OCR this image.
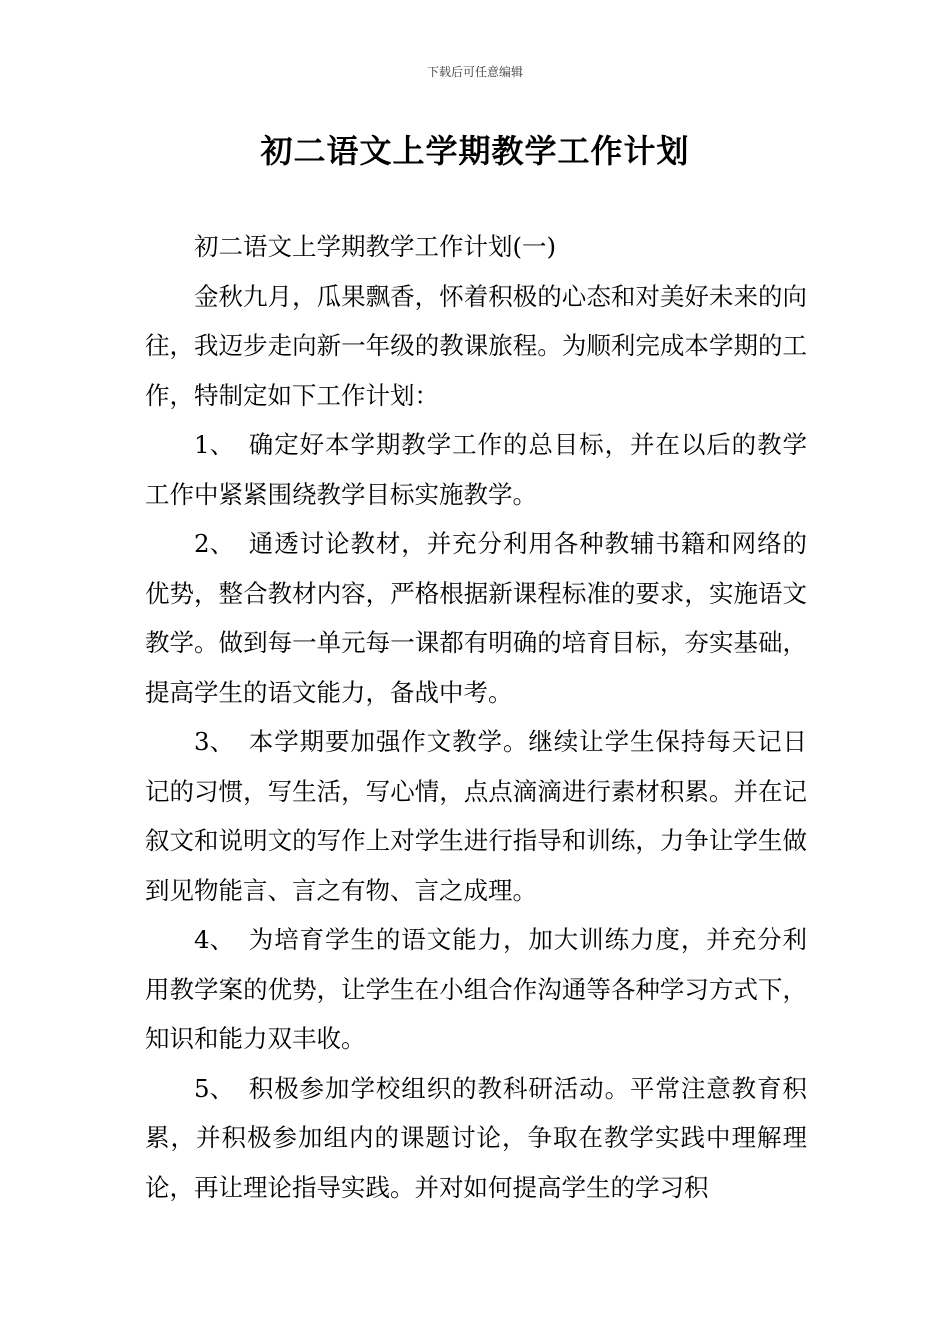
下载后可任意编辑
初二语文上学期教学工作计划

初二语文上学期教学工作计划(一)

金秋九月，瓜果飘香，怀着积极的心态和对美好未来的向往，我迈步走向新一年级的教课旅程。为顺利完成本学期的工作，特制定如下工作计划：

1、 确定好本学期教学工作的总目标，并在以后的教学工作中紧紧围绕教学目标实施教学。

2、 通透讨论教材，并充分利用各种教辅书籍和网络的优势，整合教材内容，严格根据新课程标准的要求，实施语文教学。做到每一单元每一课都有明确的培育目标，夯实基础，提高学生的语文能力，备战中考。

3、 本学期要加强作文教学。继续让学生保持每天记日记的习惯，写生活，写心情，点点滴滴进行素材积累。并在记叙文和说明文的写作上对学生进行指导和训练，力争让学生做到见物能言、言之有物、言之成理。

4、 为培育学生的语文能力，加大训练力度，并充分利用教学案的优势，让学生在小组合作沟通等各种学习方式下，知识和能力双丰收。

5、 积极参加学校组织的教科研活动。平常注意教育积累，并积极参加组内的课题讨论，争取在教学实践中理解理论，再让理论指导实践。并对如何提高学生的学习积
